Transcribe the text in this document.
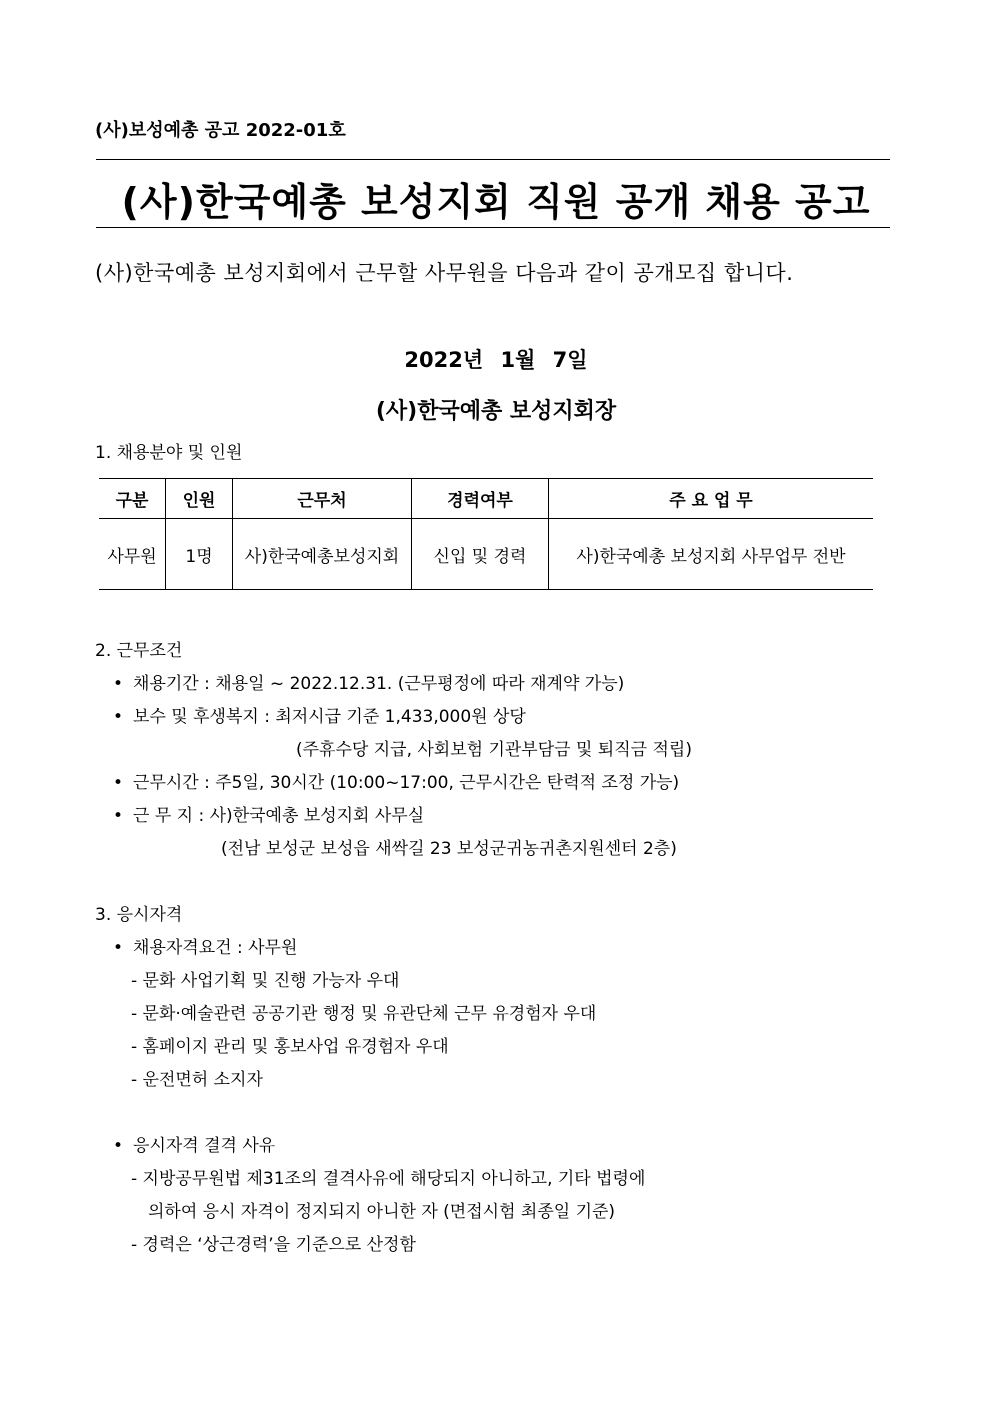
(사)보성예총 공고 2022-01호
(사)한국예총 보성지회 직원 공개 채용 공고
(사)한국예총 보성지회에서 근무할 사무원을 다음과 같이 공개모집 합니다.
2022년 1월 7일
(사)한국예총 보성지회장
1. 채용분야 및 인원
구분	인원	근무처	경력여부	주 요 업 무
사무원	1명	사)한국예총보성지회	신입 및 경력	사)한국예총 보성지회 사무업무 전반
2. 근무조건
• 채용기간 : 채용일 ~ 2022.12.31. (근무평정에 따라 재계약 가능)
• 보수 및 후생복지 : 최저시급 기준 1,433,000원 상당
(주휴수당 지급, 사회보험 기관부담금 및 퇴직금 적립)
• 근무시간 : 주5일, 30시간 (10:00~17:00, 근무시간은 탄력적 조정 가능)
• 근 무 지 : 사)한국예총 보성지회 사무실
(전남 보성군 보성읍 새싹길 23 보성군귀농귀촌지원센터 2층)
3. 응시자격
• 채용자격요건 : 사무원
- 문화 사업기획 및 진행 가능자 우대
- 문화·예술관련 공공기관 행정 및 유관단체 근무 유경험자 우대
- 홈페이지 관리 및 홍보사업 유경험자 우대
- 운전면허 소지자
• 응시자격 결격 사유
- 지방공무원법 제31조의 결격사유에 해당되지 아니하고, 기타 법령에
의하여 응시 자격이 정지되지 아니한 자 (면접시험 최종일 기준)
- 경력은 ‘상근경력’을 기준으로 산정함
